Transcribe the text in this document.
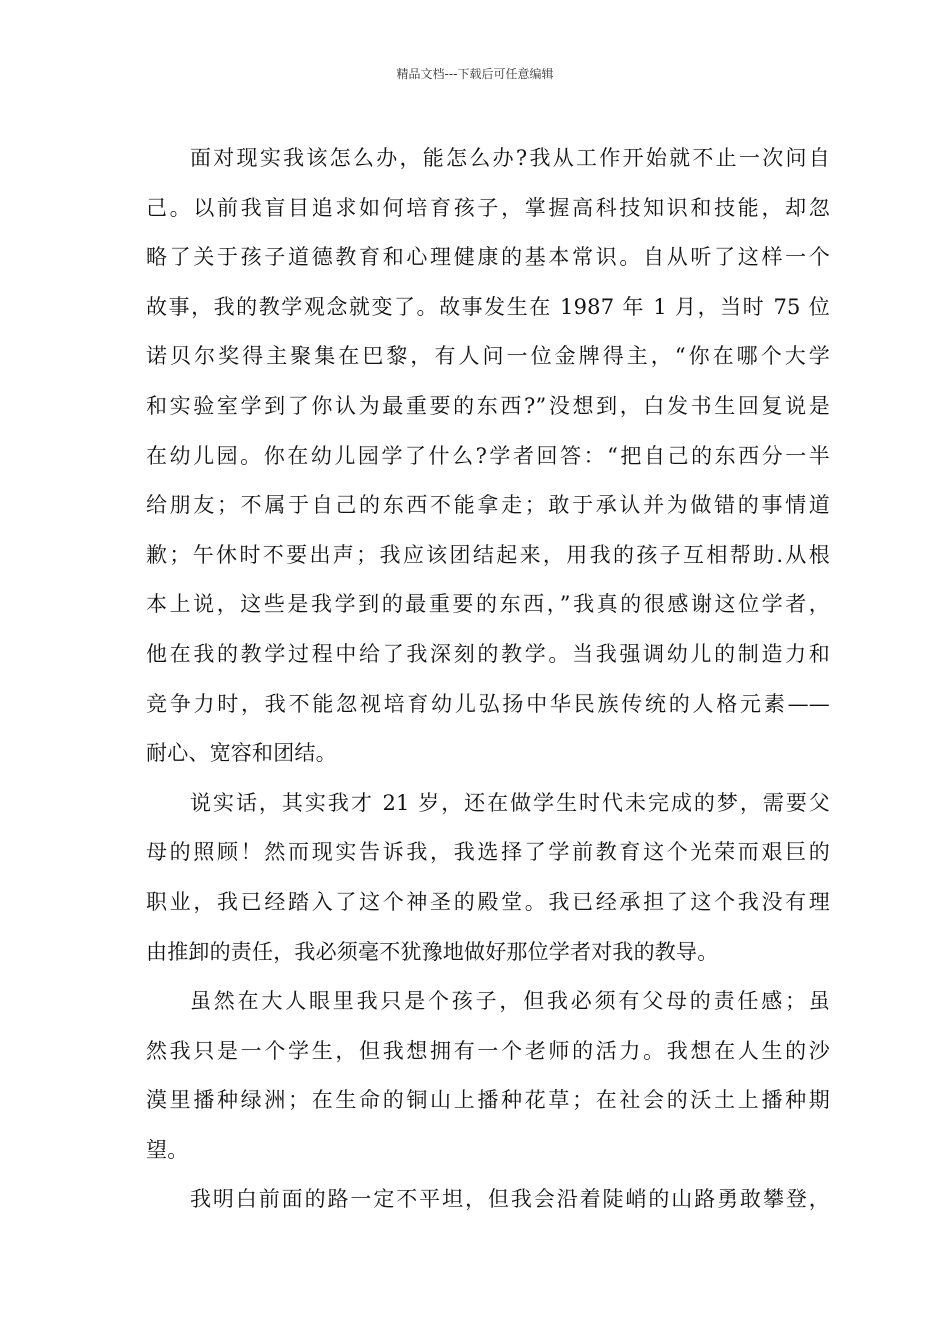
精品文档---下载后可任意编辑
面对现实我该怎么办，能怎么办?我从工作开始就不止一次问自
己。以前我盲目追求如何培育孩子，掌握高科技知识和技能，却忽
略了关于孩子道德教育和心理健康的基本常识。自从听了这样一个
故事，我的教学观念就变了。故事发生在 1987 年 1 月，当时 75 位
诺贝尔奖得主聚集在巴黎，有人问一位金牌得主，“你在哪个大学
和实验室学到了你认为最重要的东西?”没想到，白发书生回复说是
在幼儿园。你在幼儿园学了什么?学者回答：“把自己的东西分一半
给朋友；不属于自己的东西不能拿走；敢于承认并为做错的事情道
歉；午休时不要出声；我应该团结起来，用我的孩子互相帮助.从根
本上说，这些是我学到的最重要的东西，”我真的很感谢这位学者，
他在我的教学过程中给了我深刻的教学。当我强调幼儿的制造力和
竞争力时，我不能忽视培育幼儿弘扬中华民族传统的人格元素——
耐心、宽容和团结。
说实话，其实我才 21 岁，还在做学生时代未完成的梦，需要父
母的照顾！然而现实告诉我，我选择了学前教育这个光荣而艰巨的
职业，我已经踏入了这个神圣的殿堂。我已经承担了这个我没有理
由推卸的责任，我必须毫不犹豫地做好那位学者对我的教导。
虽然在大人眼里我只是个孩子，但我必须有父母的责任感；虽
然我只是一个学生，但我想拥有一个老师的活力。我想在人生的沙
漠里播种绿洲；在生命的铜山上播种花草；在社会的沃土上播种期
望。
我明白前面的路一定不平坦，但我会沿着陡峭的山路勇敢攀登，
